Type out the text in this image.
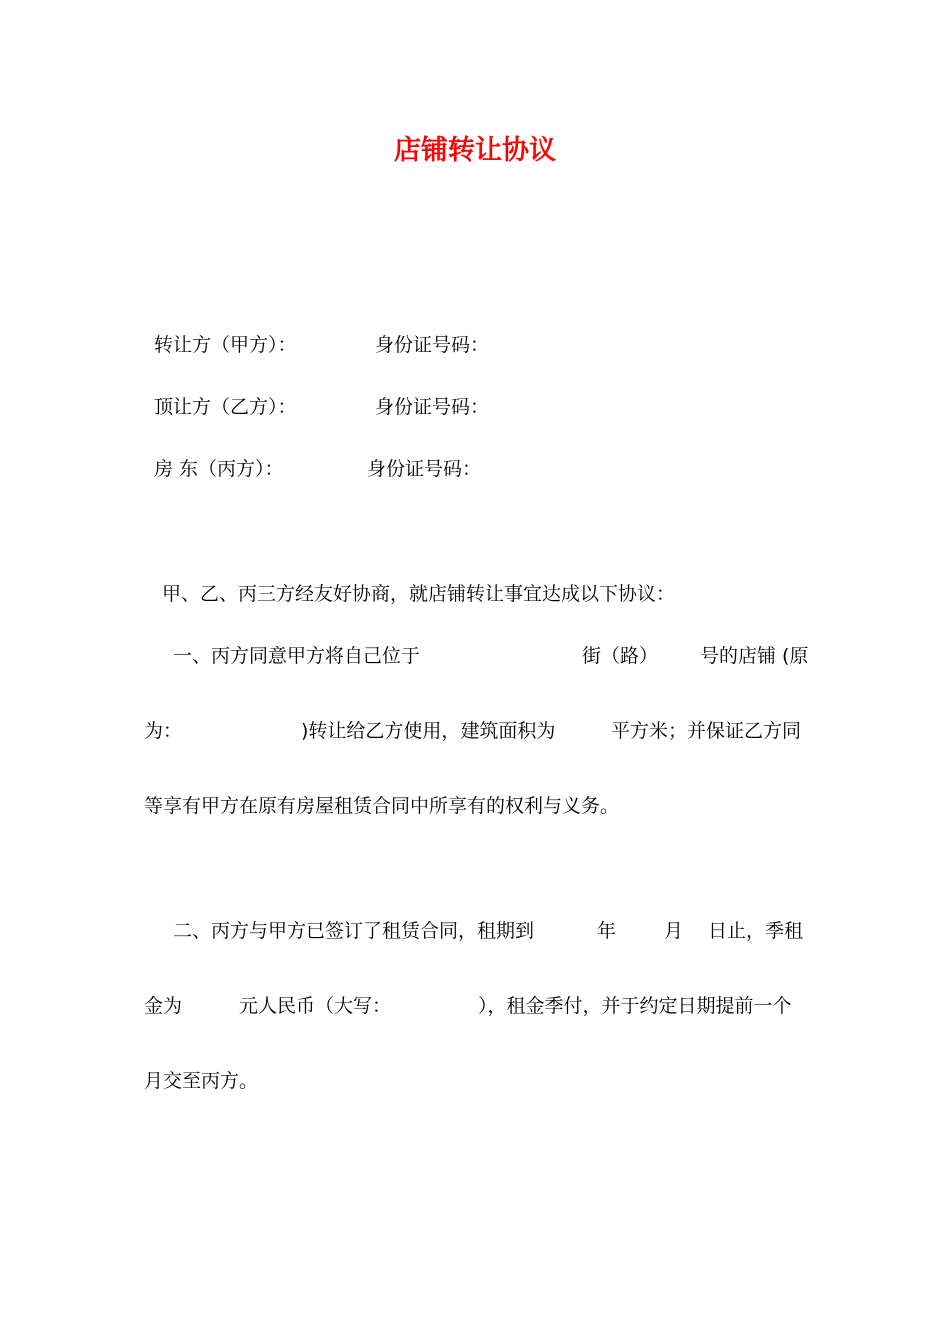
店铺转让协议
转让方（甲方）：	身份证号码：
顶让方（乙方）：	身份证号码：
房 东（丙方）：	身份证号码：
甲、乙、丙三方经友好协商，就店铺转让事宜达成以下协议：
一、丙方同意甲方将自己位于	街（路） 号的店铺 (原
为：	)转让给乙方使用，建筑面积为	平方米；并保证乙方同
等享有甲方在原有房屋租赁合同中所享有的权利与义务。
二、丙方与甲方已签订了租赁合同，租期到	年	月 日止，季租
金为	元人民币（大写：	），租金季付，并于约定日期提前一个
月交至丙方。
